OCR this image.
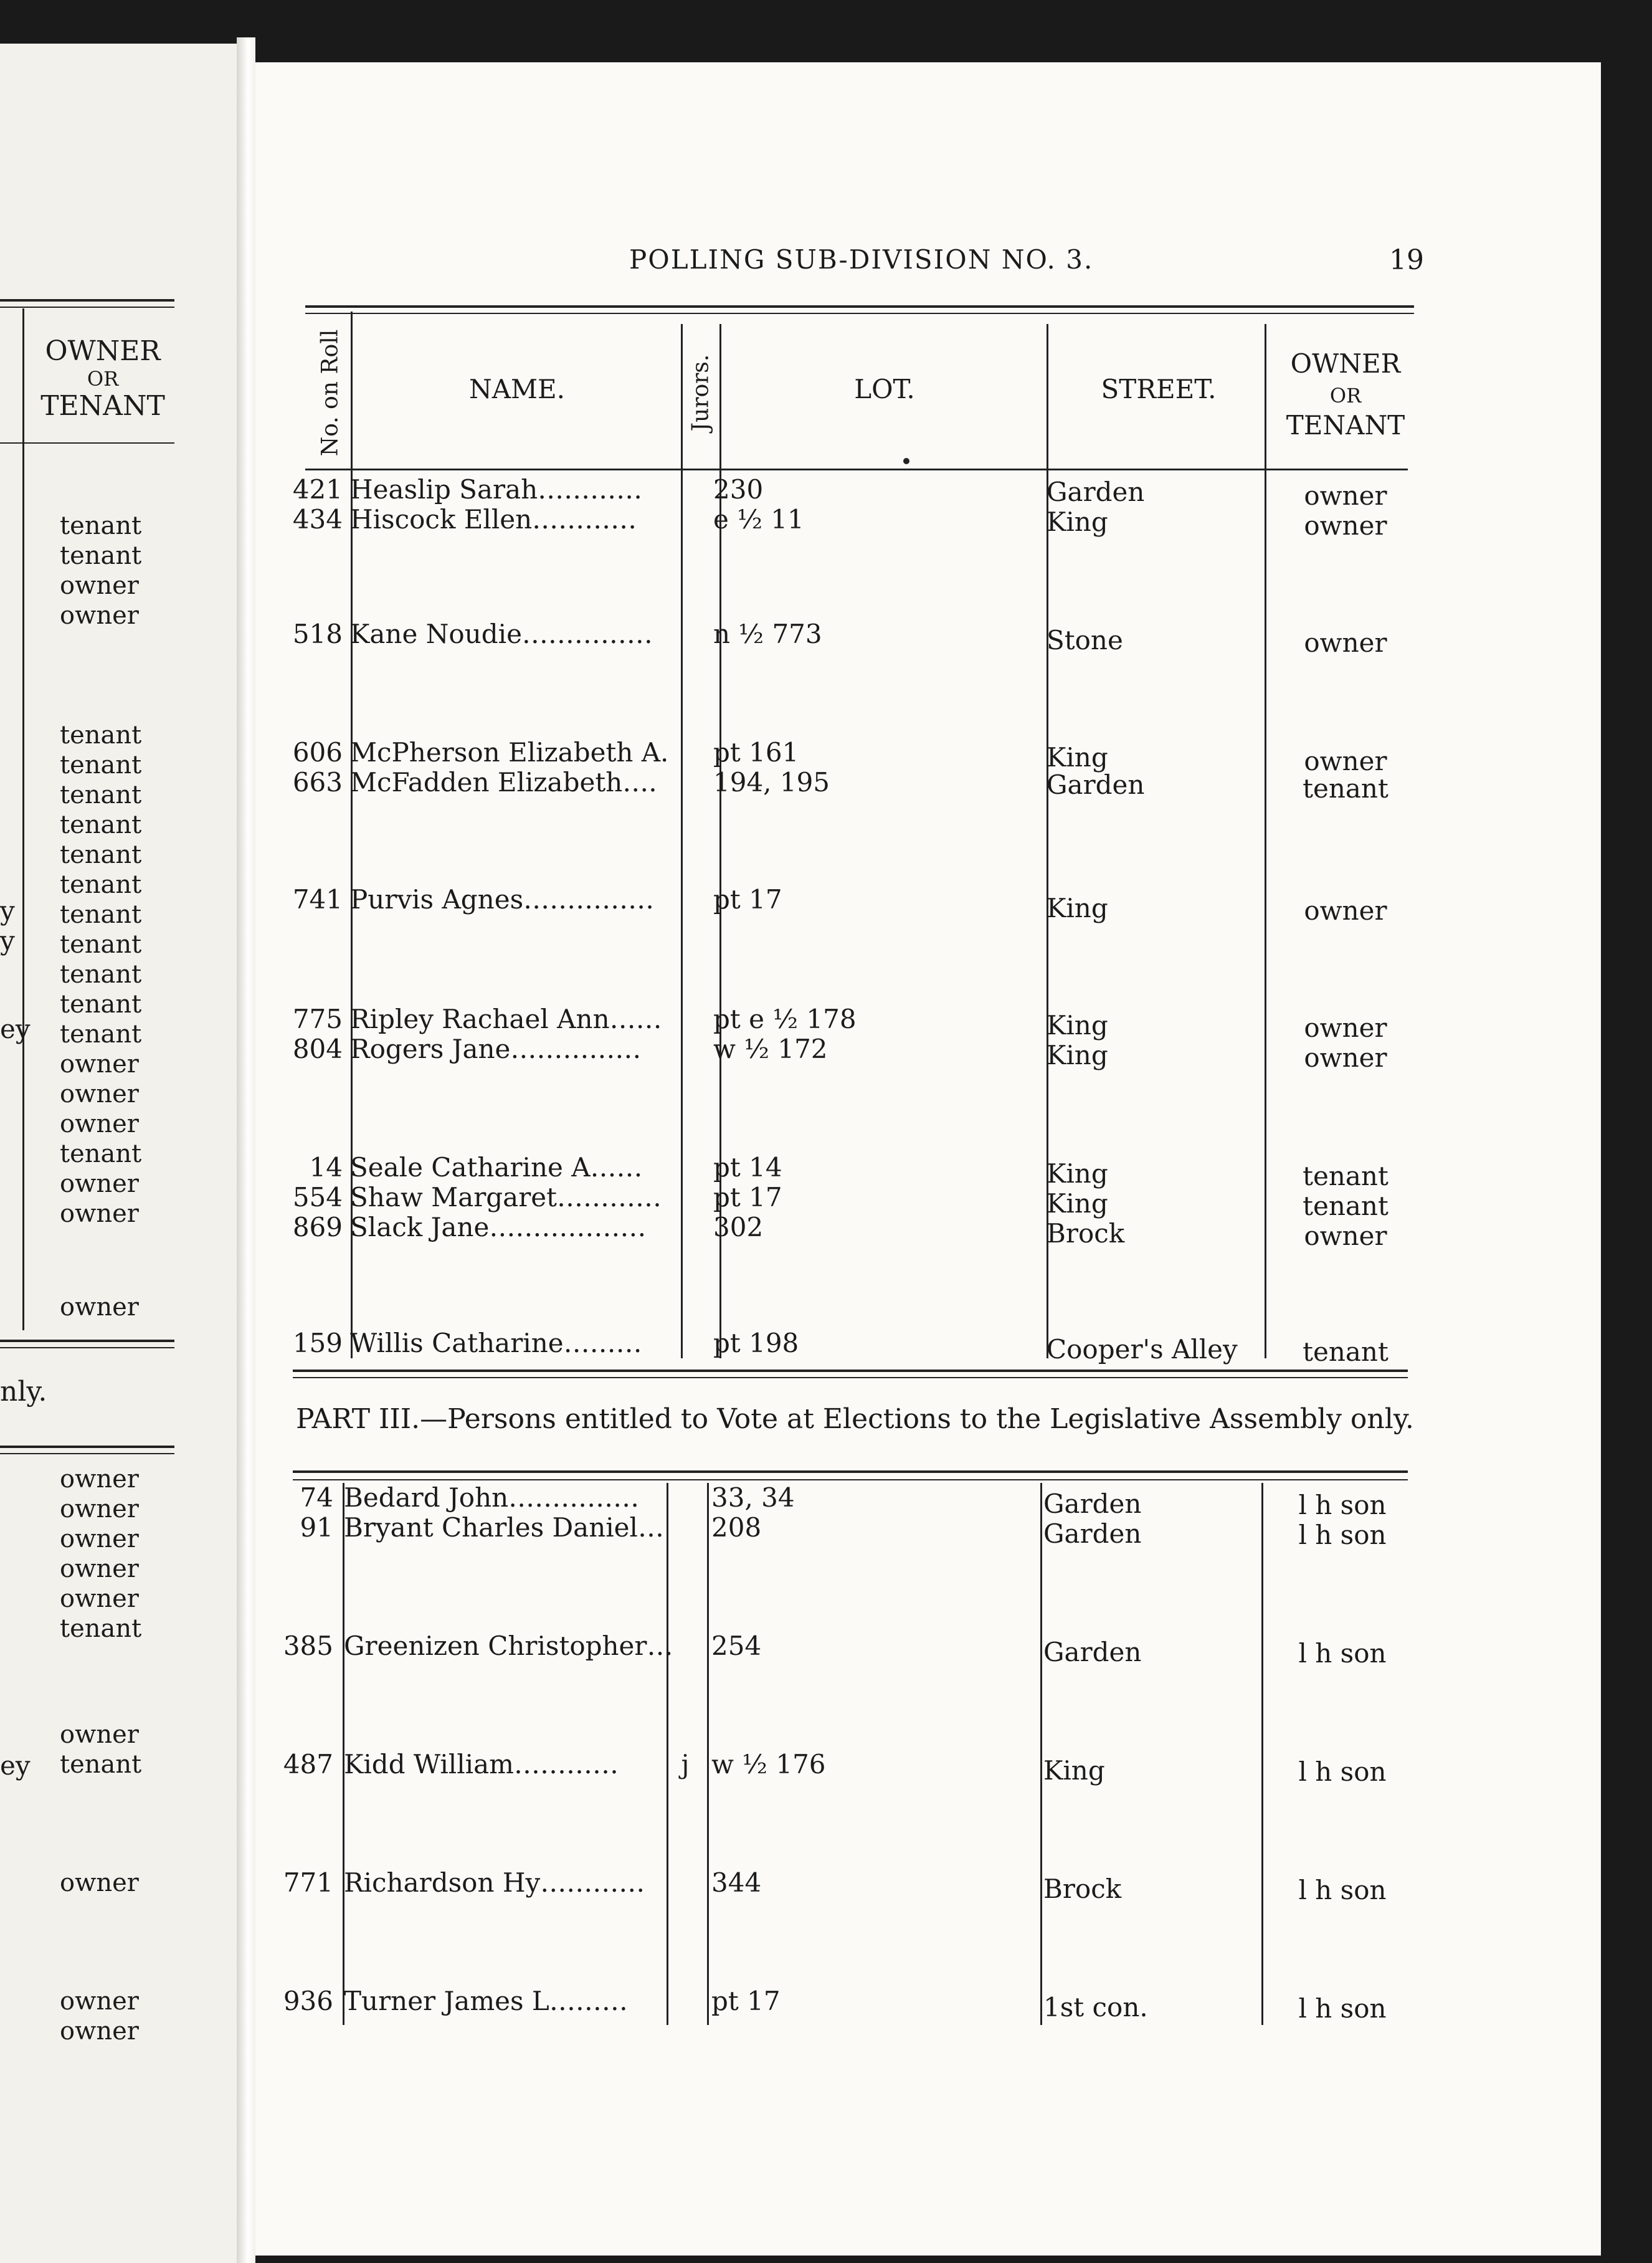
OWNER
OR
TENANT
tenant
tenant
owner
owner
tenant
tenant
tenant
tenant
tenant
tenant
tenant
tenant
tenant
tenant
tenant
owner
owner
owner
tenant
owner
owner
nly.
owner
owner
owner
owner
owner
tenant
y
y
ey
ey
owner
owner
tenant
owner
owner
owner
POLLING SUB-DIVISION NO. 3.	19
No. on Roll	NAME.	Jurors.	LOT.	STREET.
OWNER
OR
TENANT
421 Heaslip Sarah…………	230	Garden	owner
434 Hiscock Ellen…………	e ½ 11	King	owner
518 Kane Noudie…………… n ½ 773	Stone	owner
606 McPherson Elizabeth A. pt 161	King	owner
663 McFadden Elizabeth…. 194, 195	Garden	tenant
741 Purvis Agnes…………… pt 17	King	owner
775 Ripley Rachael Ann…… pt e ½ 178	King	owner
804 Rogers Jane……………	w ½ 172	King	owner
14 Seale Catharine A……	pt 14	King	tenant
554 Shaw Margaret………… pt 17	King	tenant
869 Slack Jane………………	302	Brock	owner
159 Willis Catharine………	pt 198	Cooper's Alley	tenant
PART III.—Persons entitled to Vote at Elections to the Legislative Assembly only.
74 Bedard John……………	33, 34	Garden	l h son
91 Bryant Charles Daniel… 208	Garden	l h son
385 Greenizen Christopher… 254	Garden	l h son
487 Kidd William…………	j w ½ 176	King	l h son
771 Richardson Hy…………	344	Brock	l h son
936 Turner James L………	pt 17	1st con.	l h son
